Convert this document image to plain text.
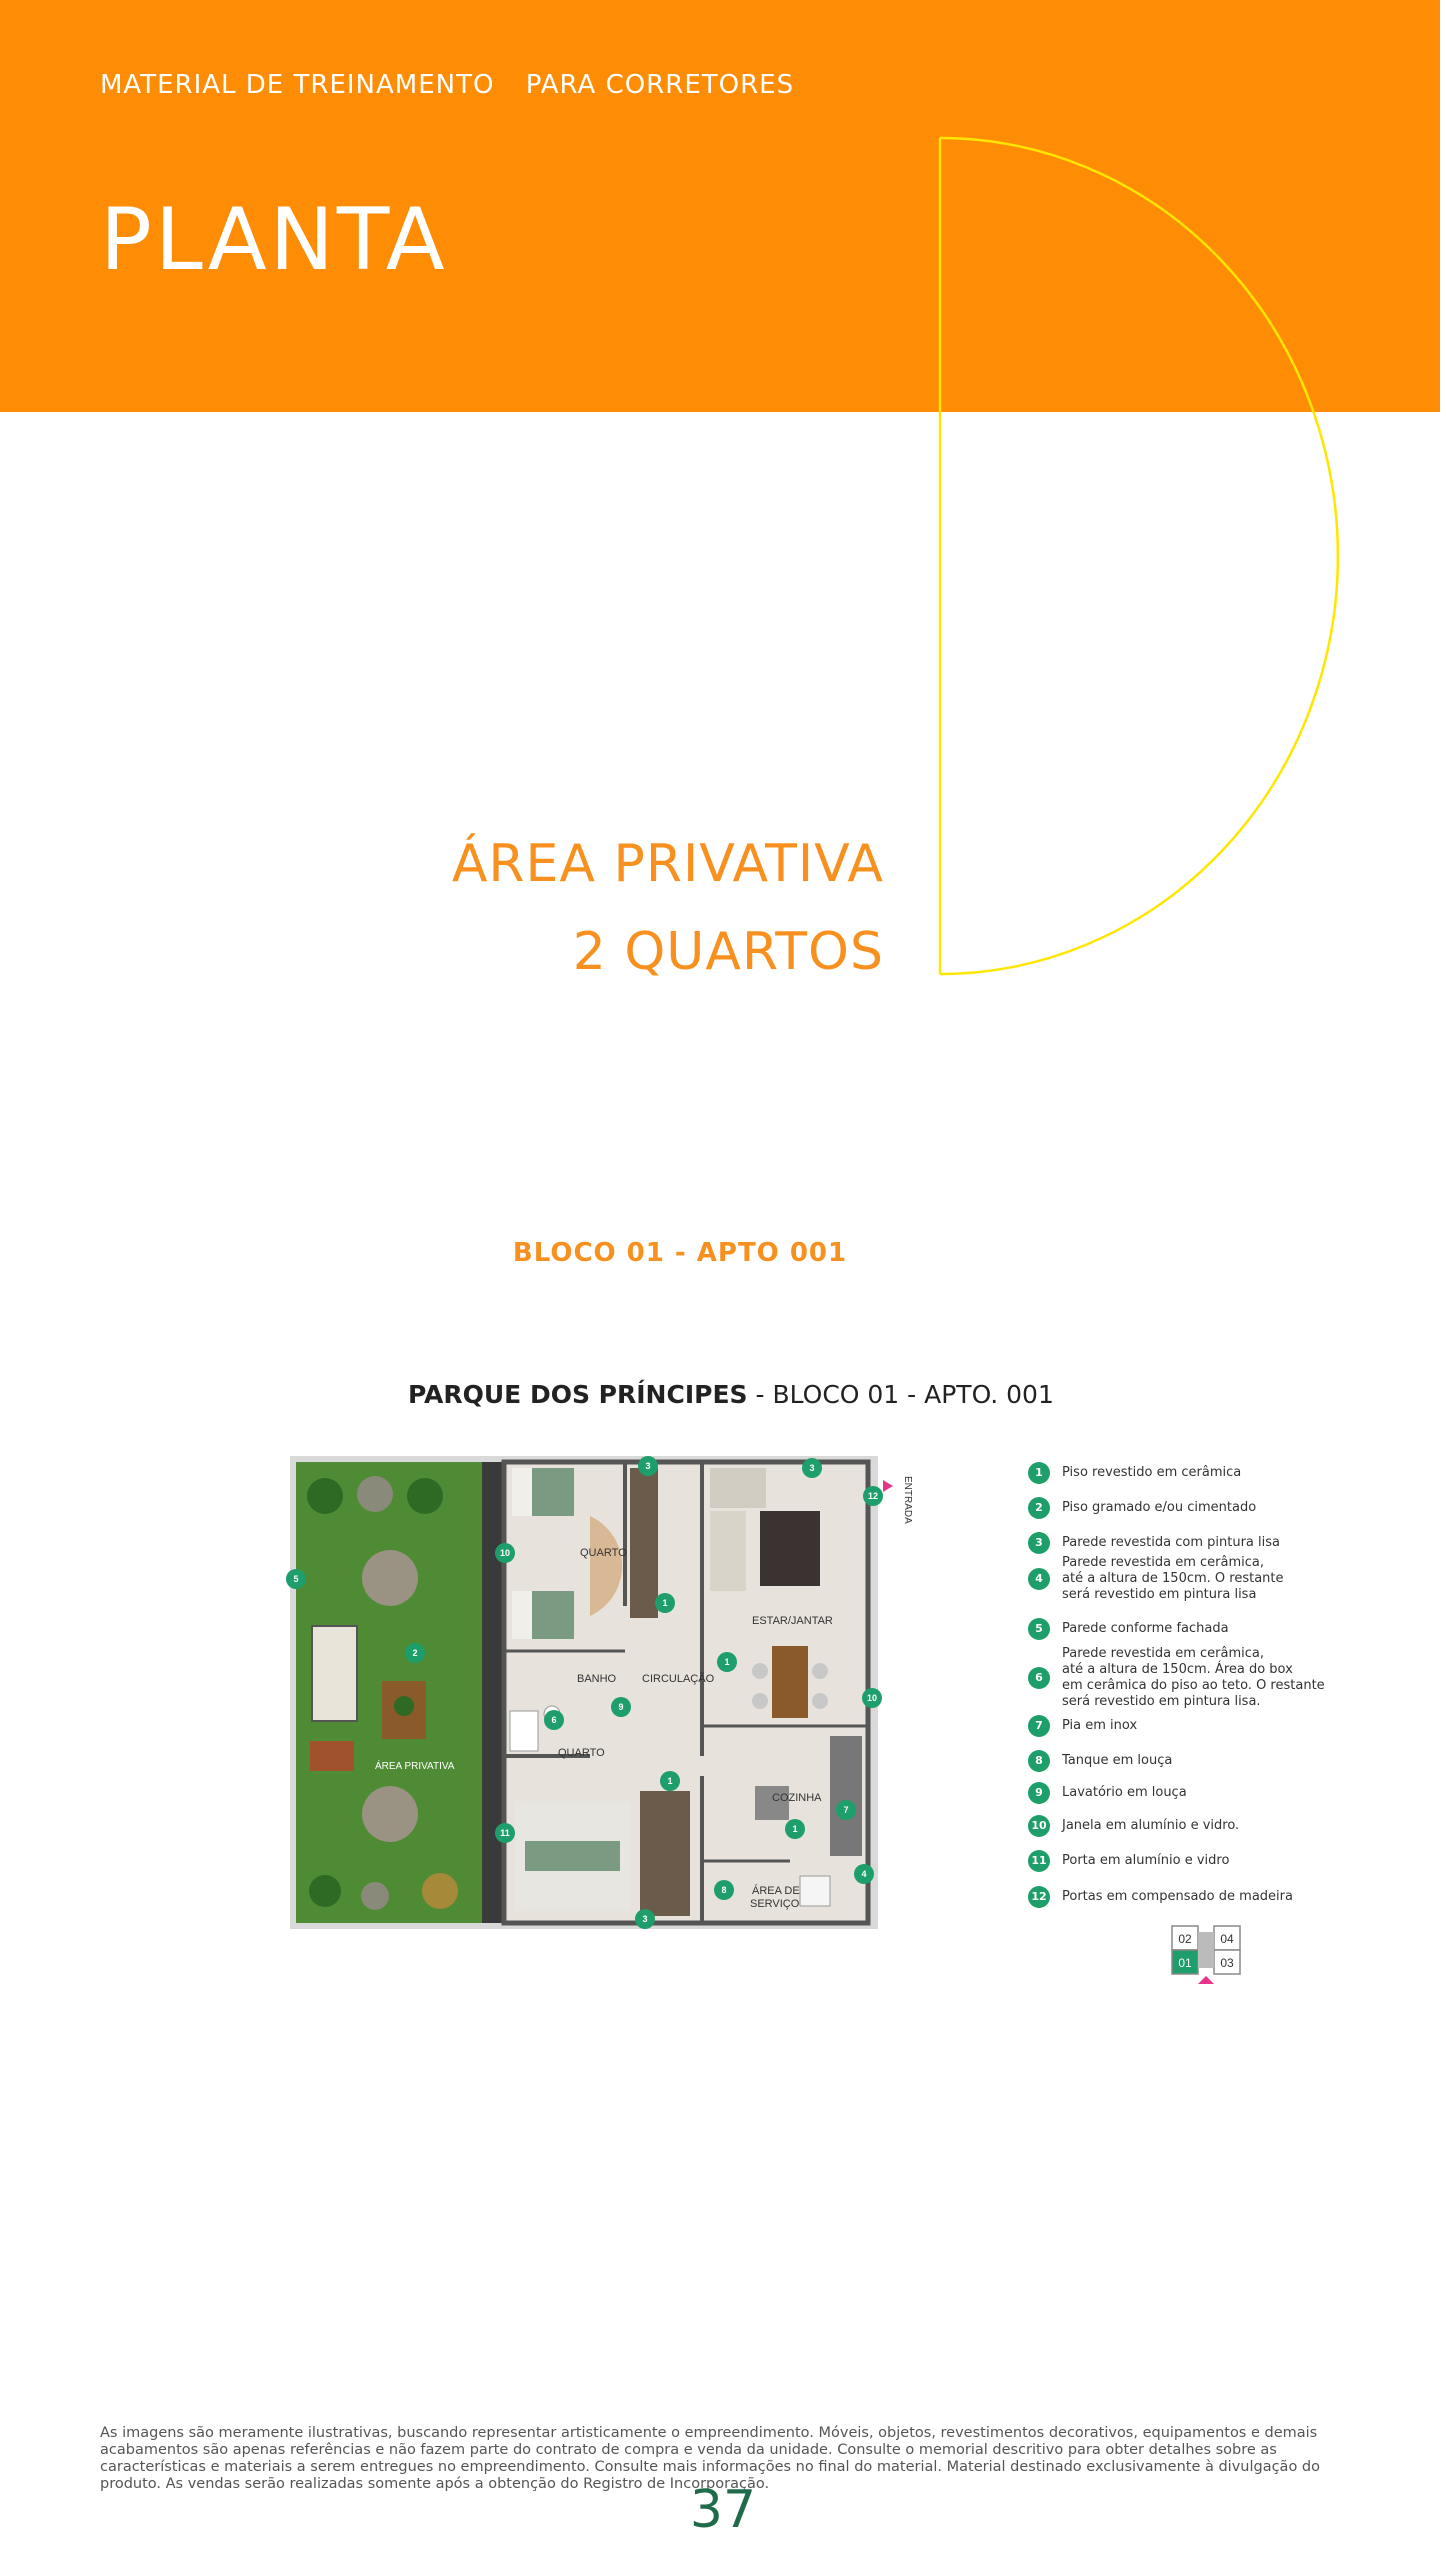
MATERIAL DE TREINAMENTO PARA CORRETORES
PLANTA
ÁREA PRIVATIVA
2 QUARTOS
BLOCO 01 - APTO 001
PARQUE DOS PRÍNCIPES - BLOCO 01 - APTO. 001
QUARTO
ESTAR/JANTAR
BANHO CIRCULAÇÃO
QUARTO
COZINHA
ÁREA DE
SERVIÇO
ÁREA PRIVATIVA
ENTRADA
3	3
12
10
5
1
2
1
10
9
6
1
7
1
11
4
8
3
1	Piso revestido em cerâmica
2	Piso gramado e/ou cimentado
3	Parede revestida com pintura lisa
4
Parede revestida em cerâmica,
até a altura de 150cm. O restante
será revestido em pintura lisa
5	Parede conforme fachada
6
Parede revestida em cerâmica,
até a altura de 150cm. Área do box
em cerâmica do piso ao teto. O restante
será revestido em pintura lisa.
7	Pia em inox
8	Tanque em louça
9	Lavatório em louça
10 Janela em alumínio e vidro.
11 Porta em alumínio e vidro
12 Portas em compensado de madeira
02 04
01 03
As imagens são meramente ilustrativas, buscando representar artisticamente o empreendimento. Móveis, objetos, revestimentos decorativos, equipamentos e demais acabamentos são apenas referências e não fazem parte do contrato de compra e venda da unidade. Consulte o memorial descritivo para obter detalhes sobre as características e materiais a serem entregues no empreendimento. Consulte mais informações no final do material. Material destinado exclusivamente à divulgação do produto. As vendas serão realizadas somente após a obtenção do Registro de Incorporação.
37
